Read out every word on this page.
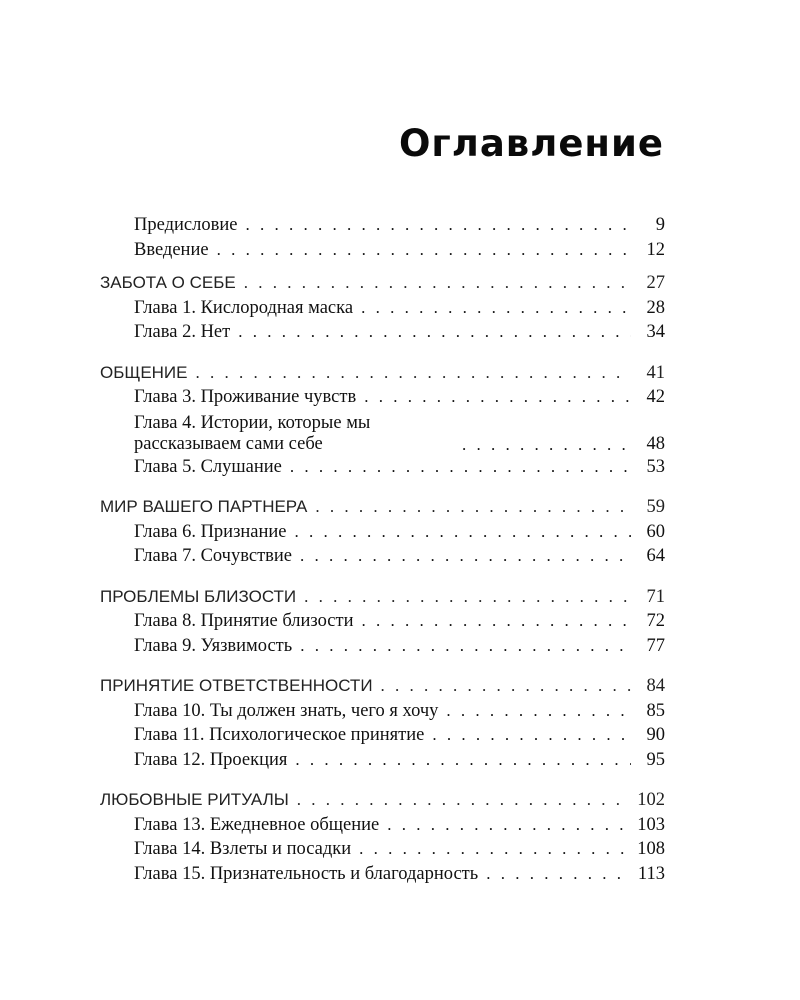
Оглавление
Предисловие . . .	9
Введение . . .	12
ЗАБОТА О СЕБЕ . . .	27
Глава 1. Кислородная маска . . .	28
Глава 2. Нет . . .	34
ОБЩЕНИЕ . . .	41
Глава 3. Проживание чувств . . .	42
Глава 4. Истории, которые мы рассказываем сами себе . . .	48
Глава 5. Слушание . . .	53
МИР ВАШЕГО ПАРТНЕРА . . .	59
Глава 6. Признание . . .	60
Глава 7. Сочувствие . . .	64
ПРОБЛЕМЫ БЛИЗОСТИ . . .	71
Глава 8. Принятие близости . . .	72
Глава 9. Уязвимость . . .	77
ПРИНЯТИЕ ОТВЕТСТВЕННОСТИ . . .	84
Глава 10. Ты должен знать, чего я хочу . . .	85
Глава 11. Психологическое принятие . . .	90
Глава 12. Проекция . . .	95
ЛЮБОВНЫЕ РИТУАЛЫ . . .	102
Глава 13. Ежедневное общение . . .	103
Глава 14. Взлеты и посадки . . .	108
Глава 15. Признательность и благодарность . . .	113
